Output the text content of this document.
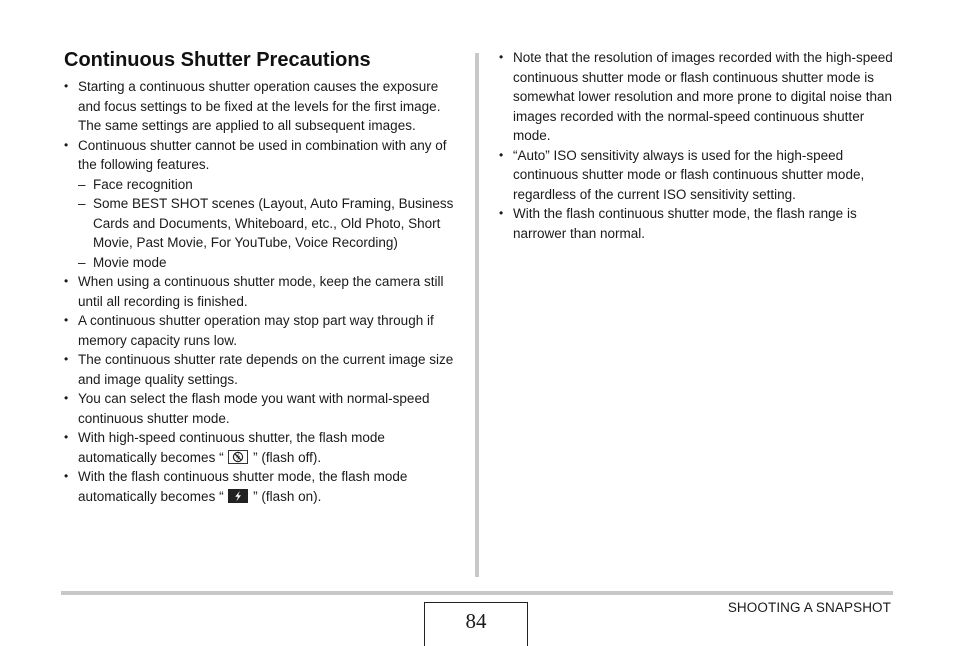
Continuous Shutter Precautions
• Starting a continuous shutter operation causes the exposure and focus settings to be fixed at the levels for the first image. The same settings are applied to all subsequent images.
• Continuous shutter cannot be used in combination with any of the following features.
– Face recognition
– Some BEST SHOT scenes (Layout, Auto Framing, Business Cards and Documents, Whiteboard, etc., Old Photo, Short Movie, Past Movie, For YouTube, Voice Recording)
– Movie mode
• When using a continuous shutter mode, keep the camera still until all recording is finished.
• A continuous shutter operation may stop part way through if memory capacity runs low.
• The continuous shutter rate depends on the current image size and image quality settings.
• You can select the flash mode you want with normal-speed continuous shutter mode.
• With high-speed continuous shutter, the flash mode automatically becomes “ ” (flash off).
• With the flash continuous shutter mode, the flash mode automatically becomes “ ” (flash on).
• Note that the resolution of images recorded with the high-speed continuous shutter mode or flash continuous shutter mode is somewhat lower resolution and more prone to digital noise than images recorded with the normal-speed continuous shutter mode.
• “Auto” ISO sensitivity always is used for the high-speed continuous shutter mode or flash continuous shutter mode, regardless of the current ISO sensitivity setting.
• With the flash continuous shutter mode, the flash range is narrower than normal.
84
SHOOTING A SNAPSHOT
